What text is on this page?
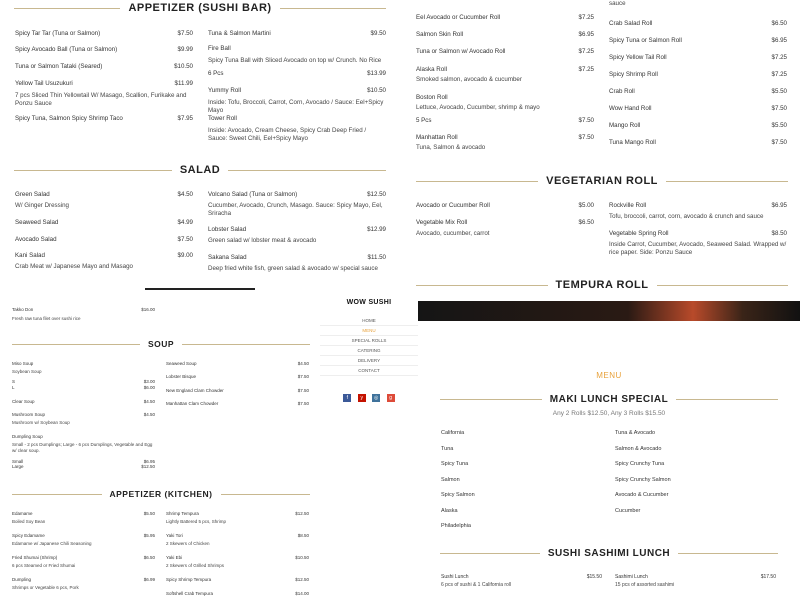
APPETIZER (SUSHI BAR)
Spicy Tar Tar (Tuna or Salmon)	$7.50
Spicy Avocado Ball (Tuna or Salmon)	$9.99
Tuna or Salmon Tataki (Seared)	$10.50
Yellow Tail Usuzukuri	$11.99
7 pcs Sliced Thin Yellowtail W/ Masago, Scallion, Furikake and Ponzu Sauce
Spicy Tuna, Salmon Spicy Shrimp Taco	$7.95
Tuna & Salmon Martini	$9.50
Fire Ball
Spicy Tuna Ball with Sliced Avocado on top w/ Crunch. No Rice
6 Pcs	$13.99
Yummy Roll	$10.50
Inside: Tofu, Broccoli, Carrot, Corn, Avocado / Sauce: Eel+Spicy Mayo
Tower Roll
Inside: Avocado, Cream Cheese, Spicy Crab Deep Fried / Sauce: Sweet Chili, Eel+Spicy Mayo
SALAD
Green Salad	$4.50
W/ Ginger Dressing
Seaweed Salad	$4.99
Avocado Salad	$7.50
Kani Salad	$9.00
Crab Meat w/ Japanese Mayo and Masago
Volcano Salad (Tuna or Salmon)	$12.50
Cucumber, Avocado, Crunch, Masago. Sauce: Spicy Mayo, Eel, Sriracha
Lobster Salad	$12.99
Green salad w/ lobster meat & avocado
Sakana Salad	$11.50
Deep fried white fish, green salad & avocado w/ special sauce
Eel Avocado or Cucumber Roll	$7.25
Salmon Skin Roll	$6.95
Tuna or Salmon w/ Avocado Roll	$7.25
Alaska Roll	$7.25
Smoked salmon, avocado & cucumber
Boston Roll
Lettuce, Avocado, Cucumber, shrimp & mayo
5 Pcs	$7.50
Manhattan Roll	$7.50
Tuna, Salmon & avocado
sauce
Crab Salad Roll	$6.50
Spicy Tuna or Salmon Roll	$6.95
Spicy Yellow Tail Roll	$7.25
Spicy Shrimp Roll	$7.25
Crab Roll	$5.50
Wow Hand Roll	$7.50
Mango Roll	$5.50
Tuna Mango Roll	$7.50
VEGETARIAN ROLL
Avocado or Cucumber Roll	$5.00
Vegetable Mix Roll	$6.50
Avocado, cucumber, carrot
Rockville Roll	$6.95
Tofu, broccoli, carrot, corn, avocado & crunch and sauce
Vegetable Spring Roll	$8.50
Inside Carrot, Cucumber, Avocado, Seaweed Salad. Wrapped w/ rice paper. Side: Ponzu Sauce
TEMPURA ROLL
Takko Don	$16.00
Fresh raw tuna filet over sushi rice
SOUP
Miso Soup
Soybean Soup
S	$3.00
L	$6.00
Clear Soup	$4.50
Mushroom Soup	$4.50
Mushroom w/ Soybean Soup
Dumpling Soup
Small - 2 pcs Dumplings; Large - 6 pcs Dumplings, Vegetable and Egg w/ clear soup.
Small	$6.95
Large	$12.50
Seaweed Soup	$4.50
Lobster Bisque	$7.50
New England Clam Chowder	$7.50
Manhattan Clam Chowder	$7.50
APPETIZER (KITCHEN)
Edamame	$5.50
Boiled Soy Bean
Spicy Edamame	$5.95
Edamame w/ Japanese Chili Seasoning
Fried Shumai (Shrimp)	$6.50
6 pcs Steamed or Fried Shumai
Dumpling	$6.99
Shrimps or Vegetable 6 pcs, Pork
Shrimp Tempura	$12.50
Lightly Battered 5 pcs, Shrimp
Yaki Tori	$8.50
2 Skewers of Chicken
Yaki Ebi	$10.50
2 Skewers of Grilled Shrimps
Spicy Shrimp Tempura	$12.50
Softshell Crab Tempura	$14.00
WOW SUSHI
HOME
MENU
SPECIAL ROLLS
CATERING
DELIVERY
CONTACT
f	y ◎ g
MENU
MAKI LUNCH SPECIAL
Any 2 Rolls $12.50, Any 3 Rolls $15.50
California
Tuna
Spicy Tuna
Salmon
Spicy Salmon
Alaska
Philadelphia
Tuna & Avocado
Salmon & Avocado
Spicy Crunchy Tuna
Spicy Crunchy Salmon
Avocado & Cucumber
Cucumber
SUSHI SASHIMI LUNCH
Sushi Lunch	$15.50
6 pcs of sushi & 1 California roll
Sashimi Lunch	$17.50
15 pcs of assorted sashimi
